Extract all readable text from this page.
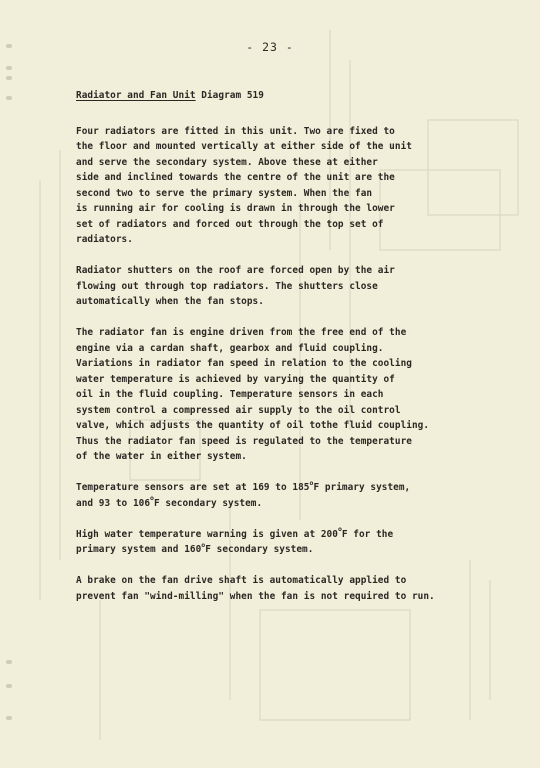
- 23 -
Radiator and Fan Unit Diagram 519
Four radiators are fitted in this unit. Two are fixed to
the floor and mounted vertically at either side of the unit
and serve the secondary system. Above these at either
side and inclined towards the centre of the unit are the
second two to serve the primary system. When the fan
is running air for cooling is drawn in through the lower
set of radiators and forced out through the top set of
radiators.
Radiator shutters on the roof are forced open by the air
flowing out through top radiators. The shutters close
automatically when the fan stops.
The radiator fan is engine driven from the free end of the
engine via a cardan shaft, gearbox and fluid coupling.
Variations in radiator fan speed in relation to the cooling
water temperature is achieved by varying the quantity of
oil in the fluid coupling. Temperature sensors in each
system control a compressed air supply to the oil control
valve, which adjusts the quantity of oil tothe fluid coupling.
Thus the radiator fan speed is regulated to the temperature
of the water in either system.
Temperature sensors are set at 169 to 185$^o$F primary system,
and 93 to 106$^o$F secondary system.
High water temperature warning is given at 200$^o$F for the
primary system and 160$^o$F secondary system.
A brake on the fan drive shaft is automatically applied to
prevent fan "wind-milling" when the fan is not required to run.
